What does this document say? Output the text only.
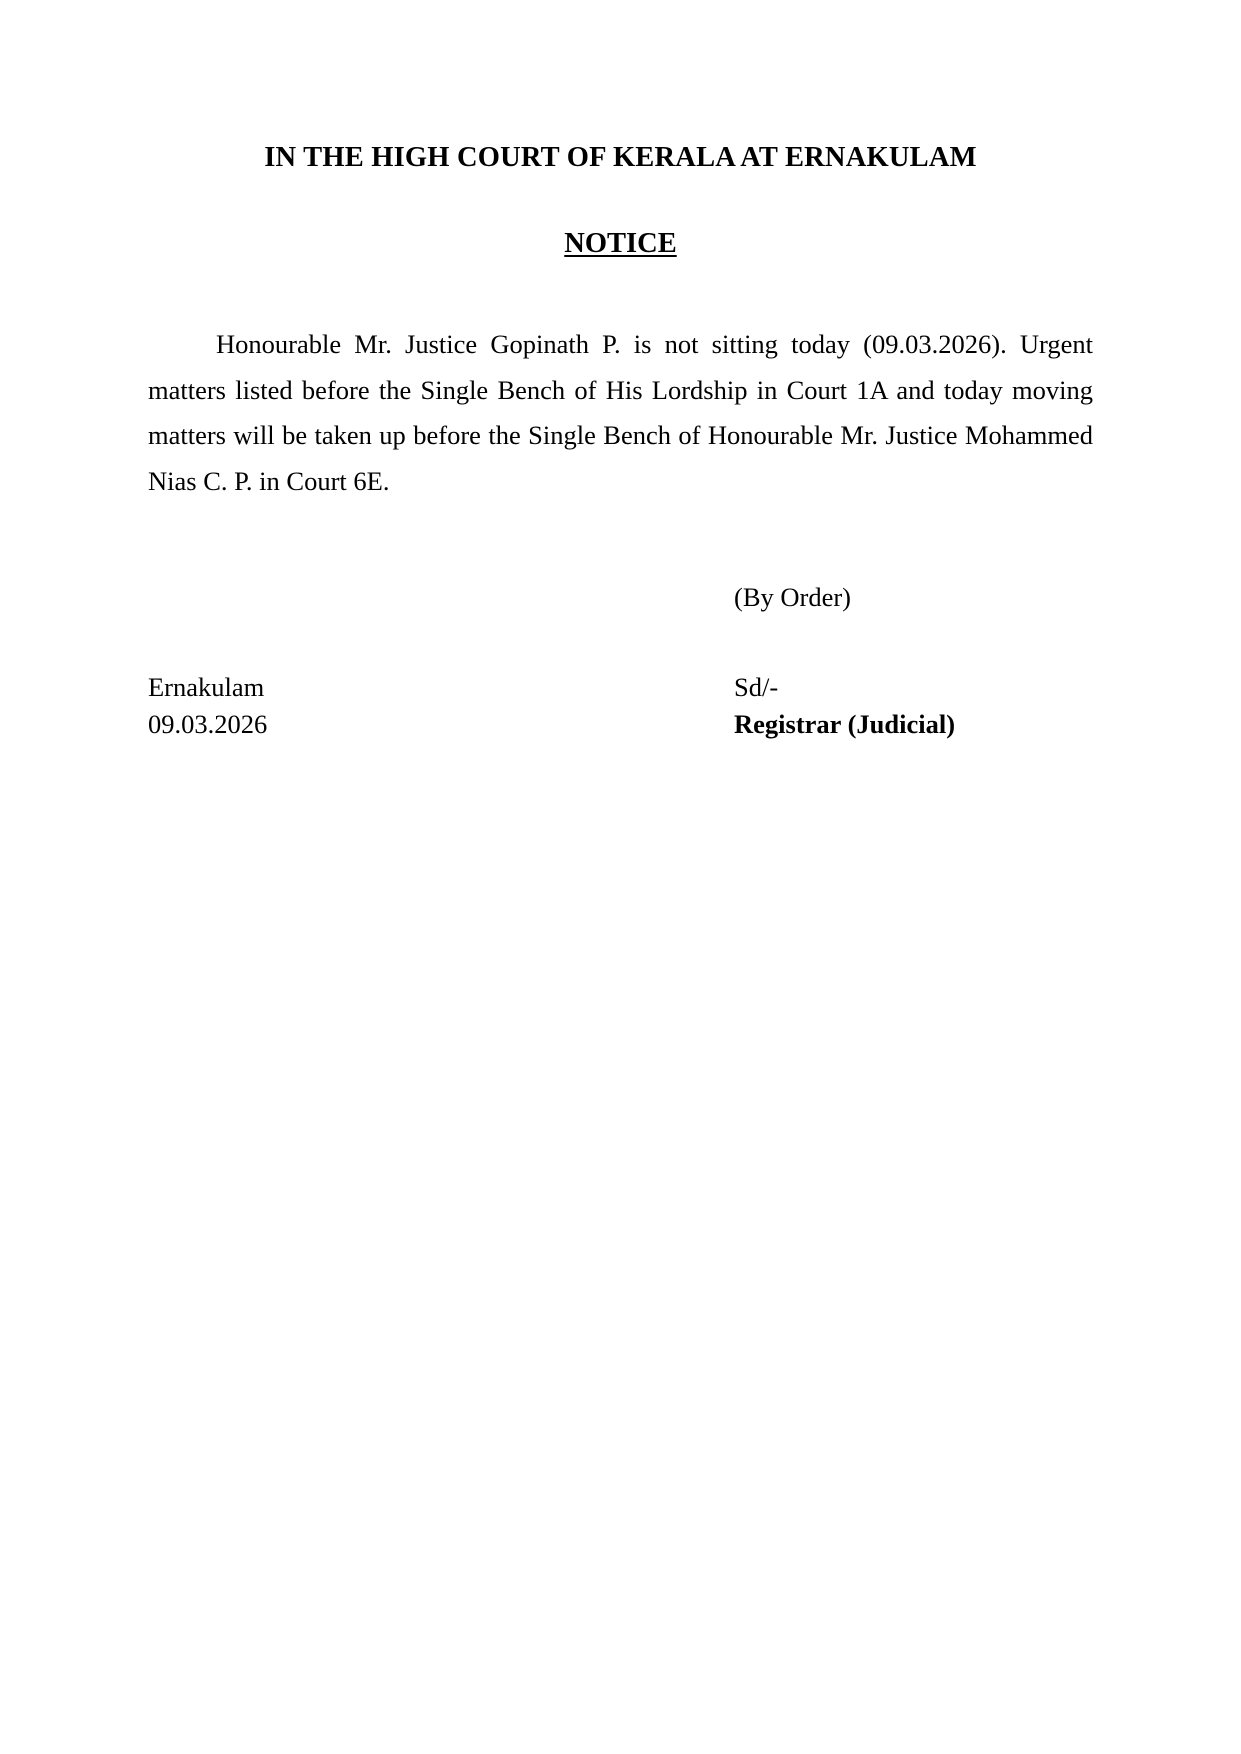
IN THE HIGH COURT OF KERALA AT ERNAKULAM
NOTICE

Honourable Mr. Justice Gopinath P. is not sitting today (09.03.2026). Urgent matters listed before the Single Bench of His Lordship in Court 1A and today moving matters will be taken up before the Single Bench of Honourable Mr. Justice Mohammed Nias C. P. in Court 6E.

(By Order)
Ernakulam
09.03.2026
Sd/-
Registrar (Judicial)
